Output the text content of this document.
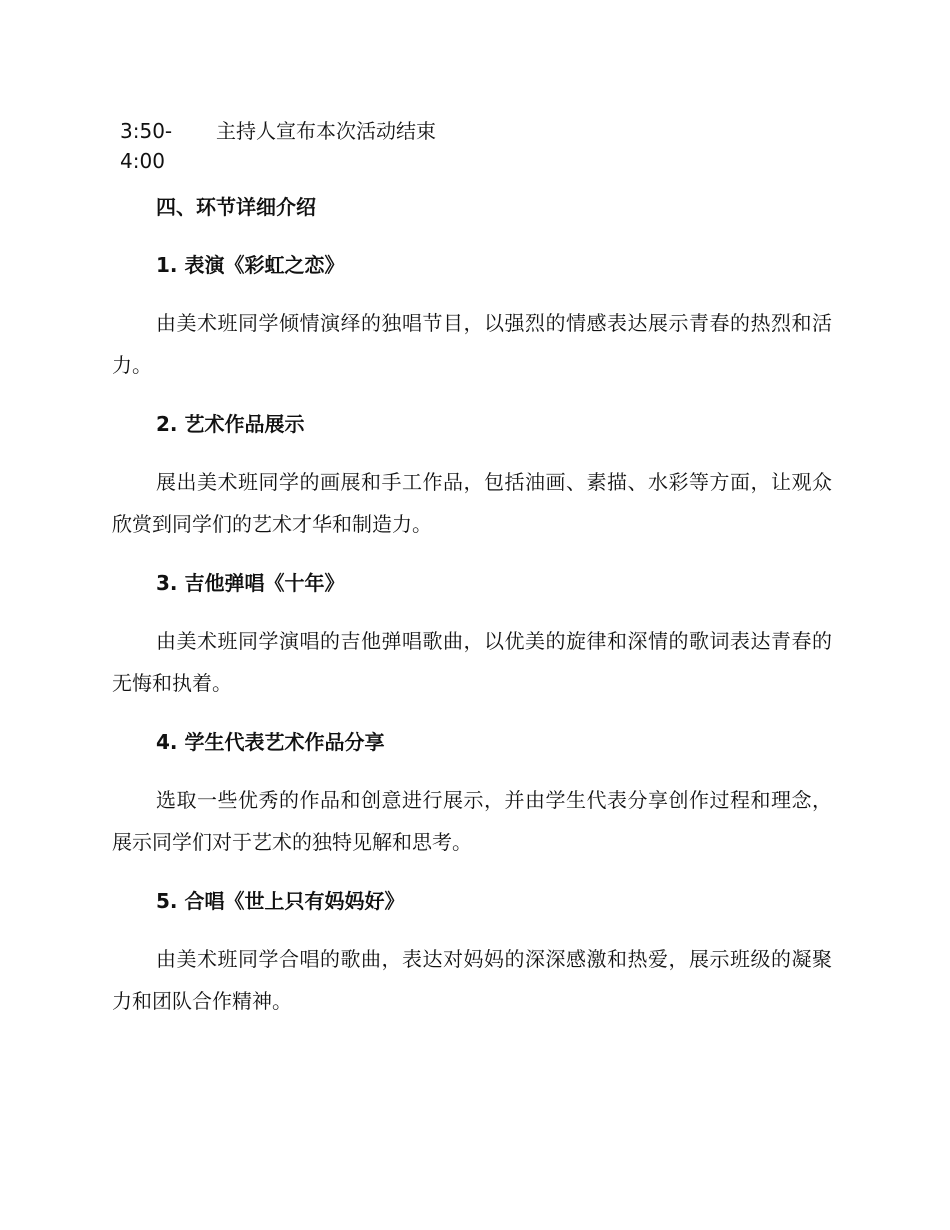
3:50-4:00
主持人宣布本次活动结束
四、环节详细介绍
1. 表演《彩虹之恋》
由美术班同学倾情演绎的独唱节目，以强烈的情感表达展示青春的热烈和活力。
2. 艺术作品展示
展出美术班同学的画展和手工作品，包括油画、素描、水彩等方面，让观众欣赏到同学们的艺术才华和制造力。
3. 吉他弹唱《十年》
由美术班同学演唱的吉他弹唱歌曲，以优美的旋律和深情的歌词表达青春的无悔和执着。
4. 学生代表艺术作品分享
选取一些优秀的作品和创意进行展示，并由学生代表分享创作过程和理念，展示同学们对于艺术的独特见解和思考。
5. 合唱《世上只有妈妈好》
由美术班同学合唱的歌曲，表达对妈妈的深深感激和热爱，展示班级的凝聚力和团队合作精神。
